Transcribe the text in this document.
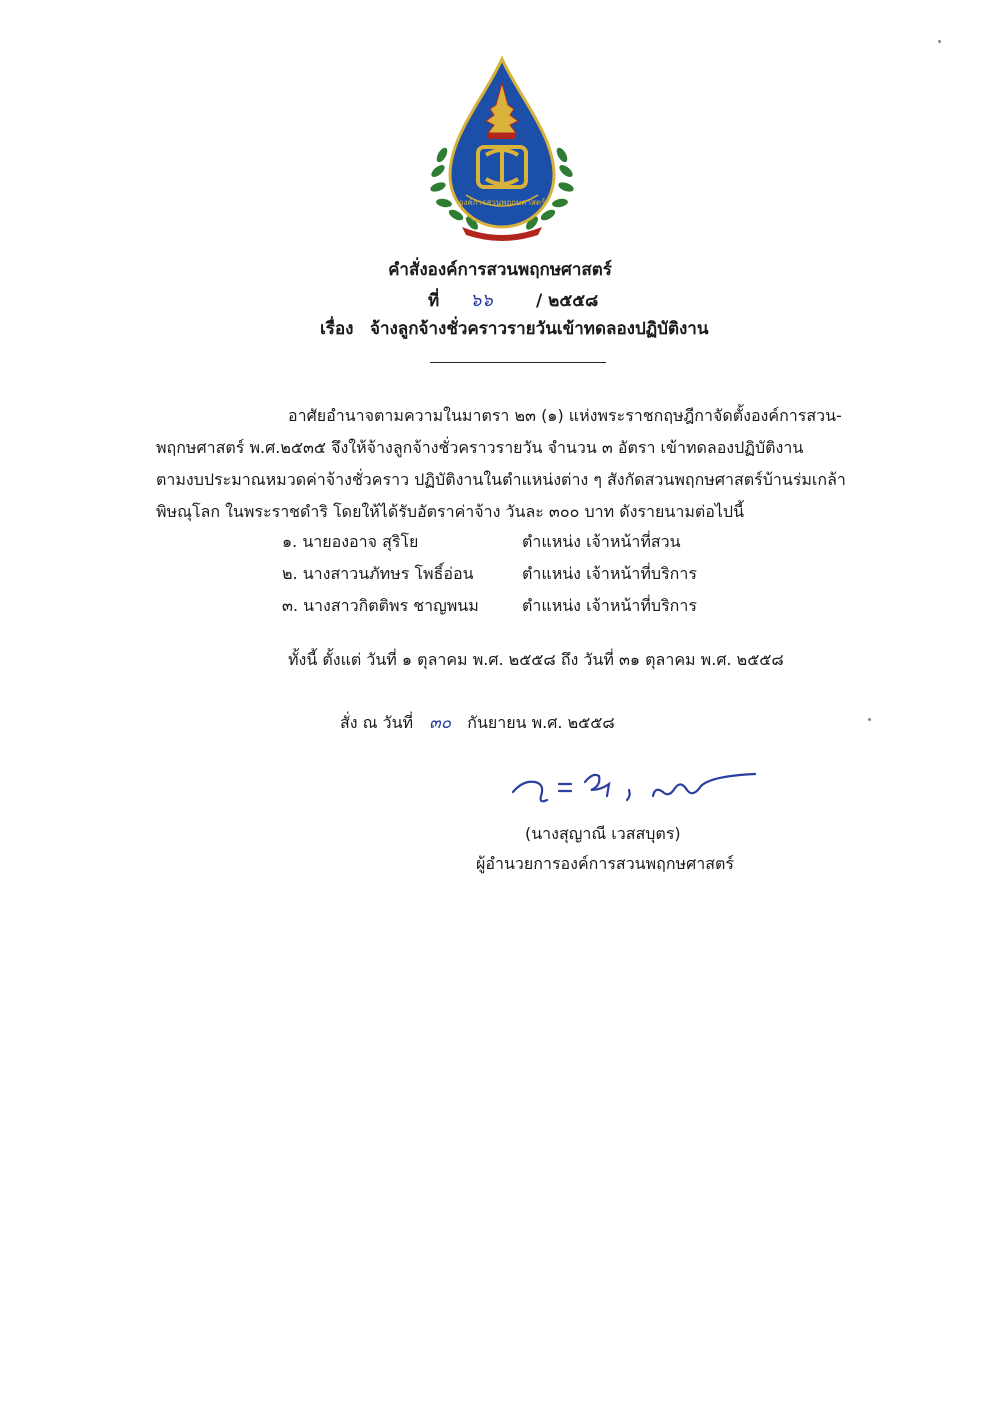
องค์การสวนพฤกษศาสตร์
คำสั่งองค์การสวนพฤกษศาสตร์
ที่ ๖๖	/ ๒๕๕๘
เรื่อง จ้างลูกจ้างชั่วคราวรายวันเข้าทดลองปฏิบัติงาน
อาศัยอำนาจตามความในมาตรา ๒๓ (๑) แห่งพระราชกฤษฎีกาจัดตั้งองค์การสวน-
พฤกษศาสตร์ พ.ศ.๒๕๓๕ จึงให้จ้างลูกจ้างชั่วคราวรายวัน จำนวน ๓ อัตรา เข้าทดลองปฏิบัติงาน
ตามงบประมาณหมวดค่าจ้างชั่วคราว ปฏิบัติงานในตำแหน่งต่าง ๆ สังกัดสวนพฤกษศาสตร์บ้านร่มเกล้า
พิษณุโลก ในพระราชดำริ โดยให้ได้รับอัตราค่าจ้าง วันละ ๓๐๐ บาท ดังรายนามต่อไปนี้
๑. นายองอาจ สุริโย	ตำแหน่ง เจ้าหน้าที่สวน
๒. นางสาวนภัทษร โพธิ์อ่อน	ตำแหน่ง เจ้าหน้าที่บริการ
๓. นางสาวกิตติพร ชาญพนม	ตำแหน่ง เจ้าหน้าที่บริการ
ทั้งนี้ ตั้งแต่ วันที่ ๑ ตุลาคม พ.ศ. ๒๕๕๘ ถึง วันที่ ๓๑ ตุลาคม พ.ศ. ๒๕๕๘
สั่ง ณ วันที่ ๓๐ กันยายน พ.ศ. ๒๕๕๘
(นางสุญาณี เวสสบุตร)
ผู้อำนวยการองค์การสวนพฤกษศาสตร์
